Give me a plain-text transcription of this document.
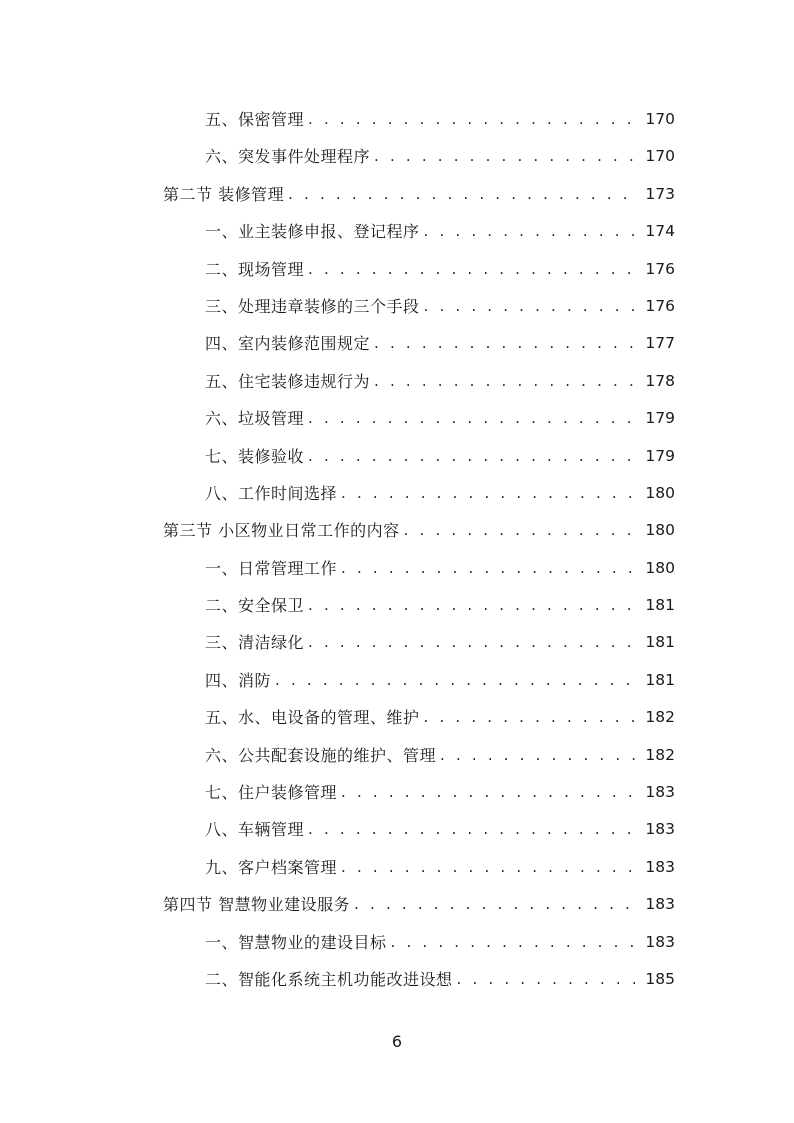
五、保密管理 . . .	170
六、突发事件处理程序 . . .	170
第二节 装修管理 . . .	173
一、业主装修申报、登记程序 . . .	174
二、现场管理 . . .	176
三、处理违章装修的三个手段 . . .	176
四、室内装修范围规定 . . .	177
五、住宅装修违规行为 . . .	178
六、垃圾管理 . . .	179
七、装修验收 . . .	179
八、工作时间选择 . . .	180
第三节 小区物业日常工作的内容 . . .	180
一、日常管理工作 . . .	180
二、安全保卫 . . .	181
三、清洁绿化 . . .	181
四、消防 . . .	181
五、水、电设备的管理、维护 . . .	182
六、公共配套设施的维护、管理 . . .	182
七、住户装修管理 . . .	183
八、车辆管理 . . .	183
九、客户档案管理 . . .	183
第四节 智慧物业建设服务 . . .	183
一、智慧物业的建设目标 . . .	183
二、智能化系统主机功能改进设想 . . .	185
6
